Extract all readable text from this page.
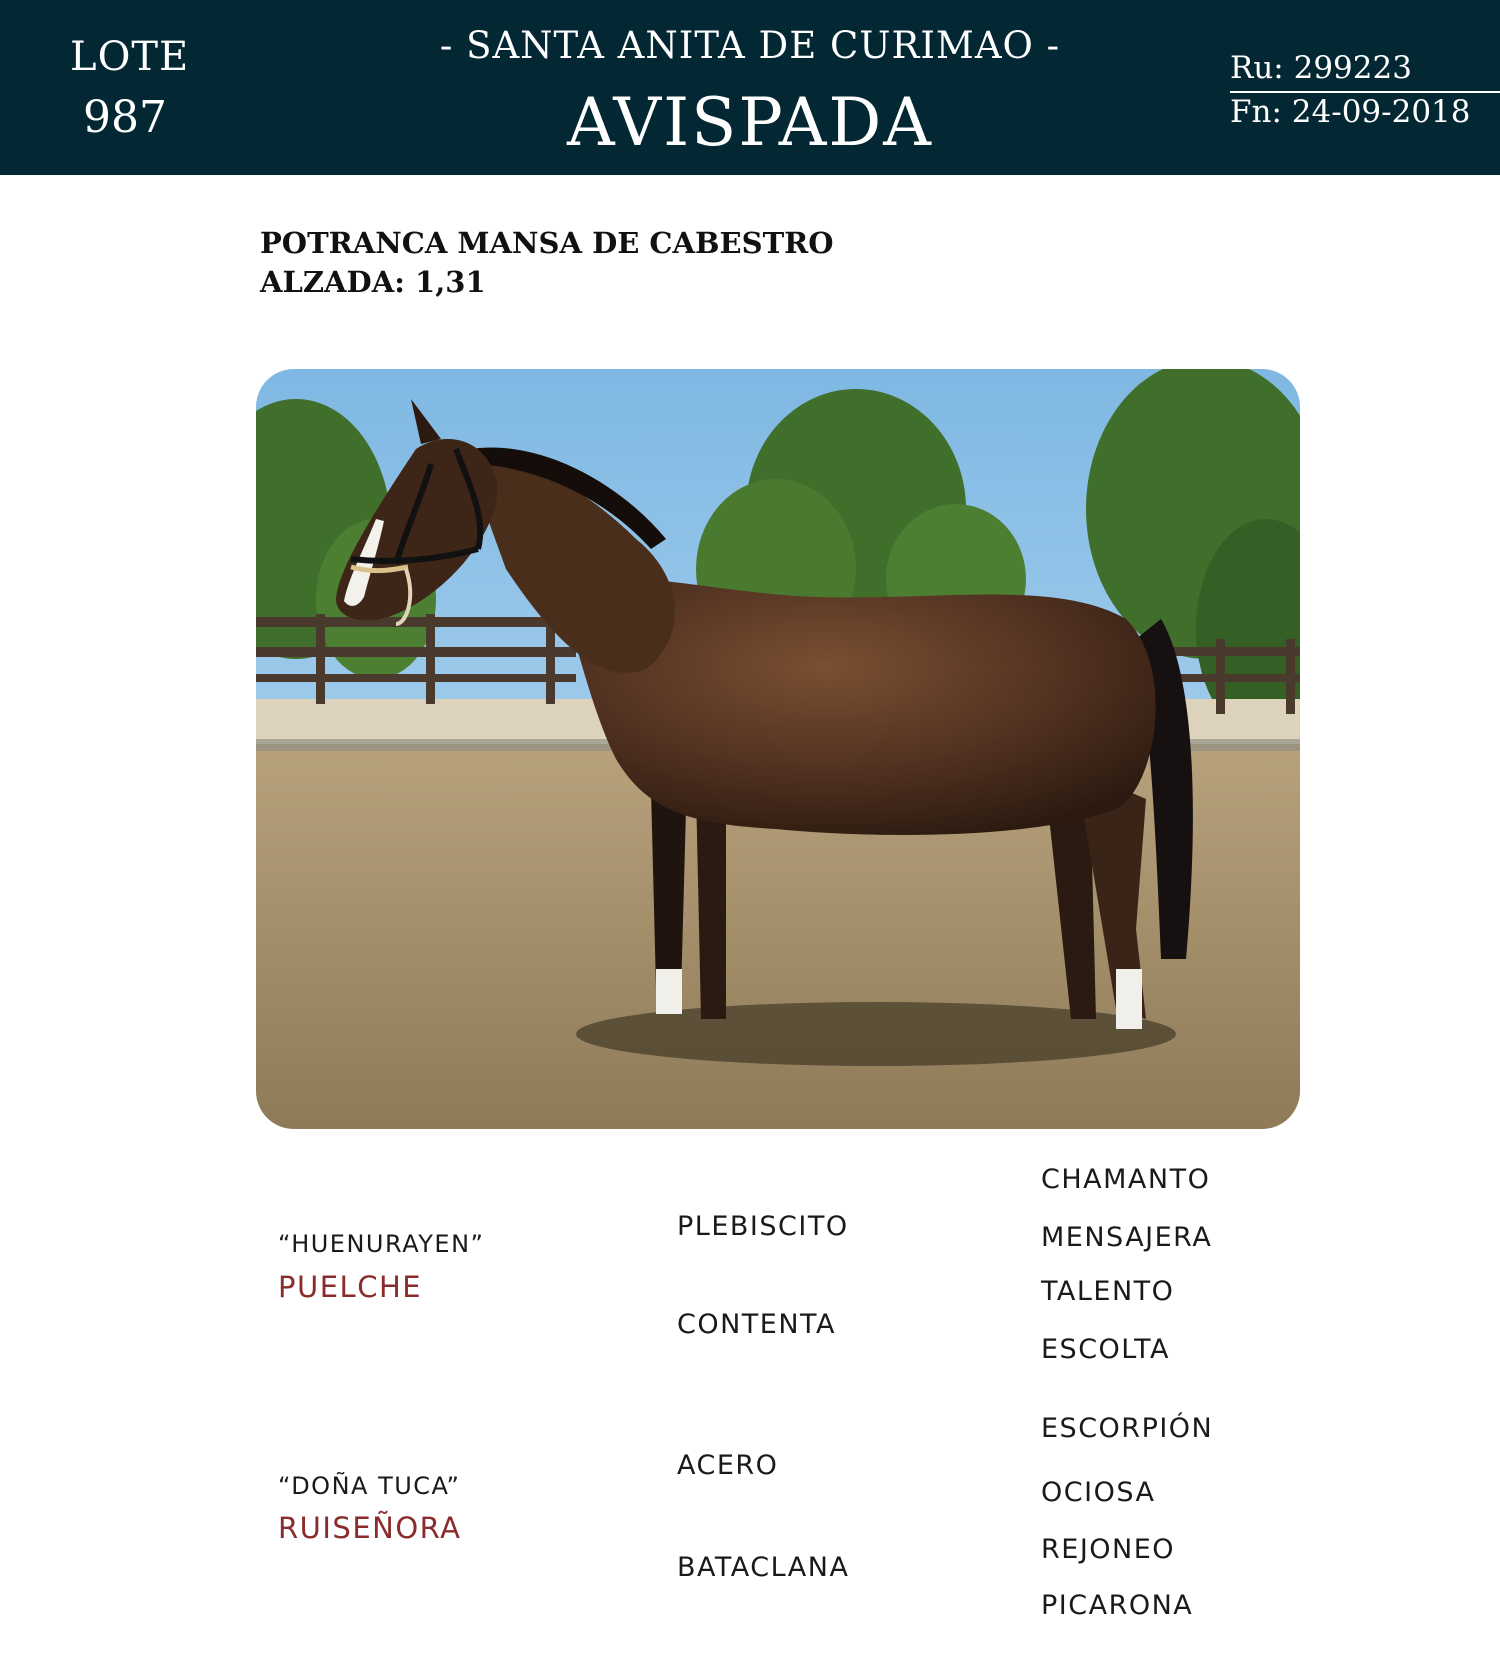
LOTE
987
- SANTA ANITA DE CURIMAO -
AVISPADA
Ru: 299223
Fn: 24-09-2018
POTRANCA MANSA DE CABESTRO
ALZADA: 1,31
“HUENURAYEN”
PUELCHE
PLEBISCITO
CONTENTA
CHAMANTO
MENSAJERA
TALENTO
ESCOLTA
“DOÑA TUCA”
RUISEÑORA
ACERO
BATACLANA
ESCORPIÓN
OCIOSA
REJONEO
PICARONA
